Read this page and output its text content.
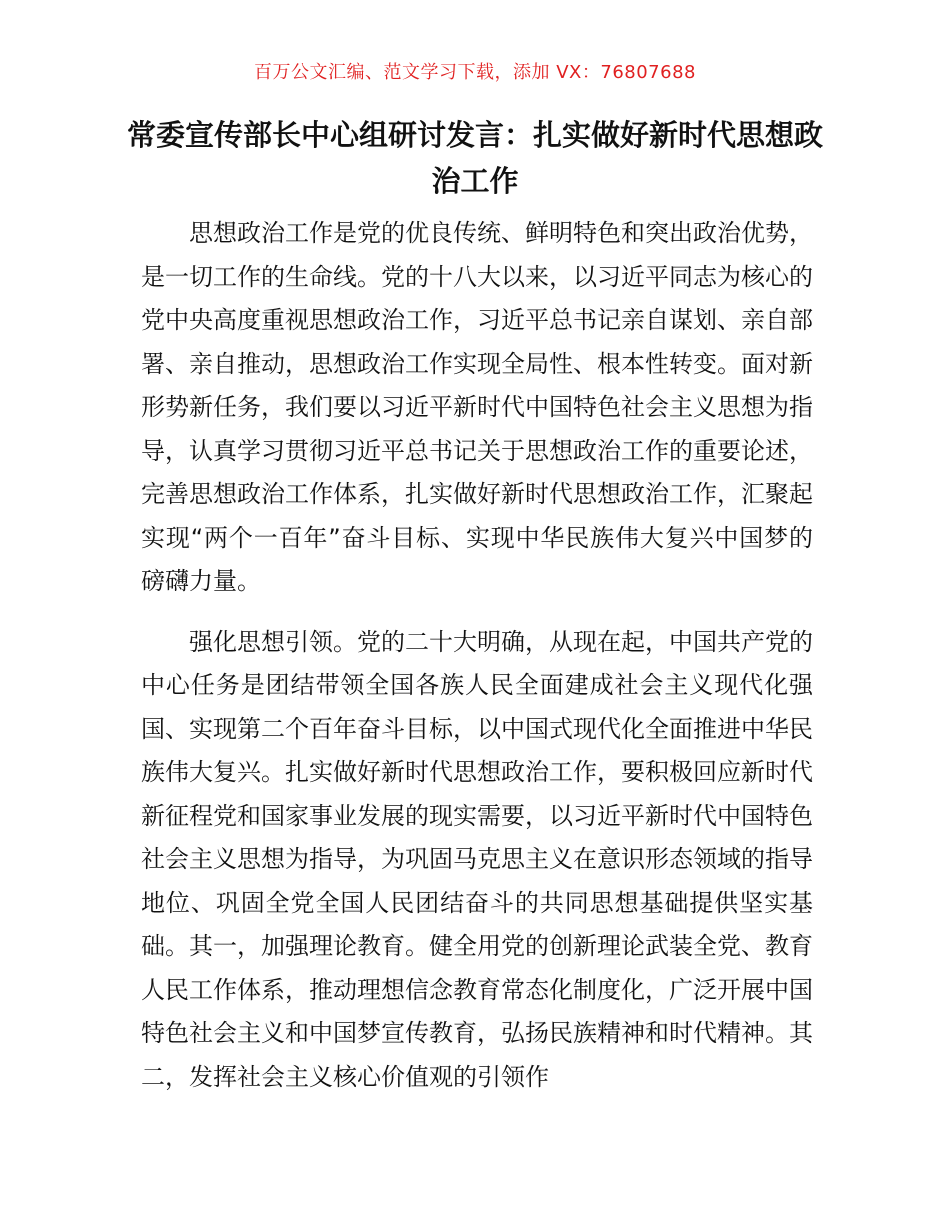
百万公文汇编、范文学习下载，添加 VX：76807688
常委宣传部长中心组研讨发言：扎实做好新时代思想政治工作

思想政治工作是党的优良传统、鲜明特色和突出政治优势，是一切工作的生命线。党的十八大以来，以习近平同志为核心的党中央高度重视思想政治工作，习近平总书记亲自谋划、亲自部署、亲自推动，思想政治工作实现全局性、根本性转变。面对新形势新任务，我们要以习近平新时代中国特色社会主义思想为指导，认真学习贯彻习近平总书记关于思想政治工作的重要论述，完善思想政治工作体系，扎实做好新时代思想政治工作，汇聚起实现“两个一百年”奋斗目标、实现中华民族伟大复兴中国梦的磅礴力量。

强化思想引领。党的二十大明确，从现在起，中国共产党的中心任务是团结带领全国各族人民全面建成社会主义现代化强国、实现第二个百年奋斗目标，以中国式现代化全面推进中华民族伟大复兴。扎实做好新时代思想政治工作，要积极回应新时代新征程党和国家事业发展的现实需要，以习近平新时代中国特色社会主义思想为指导，为巩固马克思主义在意识形态领域的指导地位、巩固全党全国人民团结奋斗的共同思想基础提供坚实基础。其一，加强理论教育。健全用党的创新理论武装全党、教育人民工作体系，推动理想信念教育常态化制度化，广泛开展中国特色社会主义和中国梦宣传教育，弘扬民族精神和时代精神。其二，发挥社会主义核心价值观的引领作
